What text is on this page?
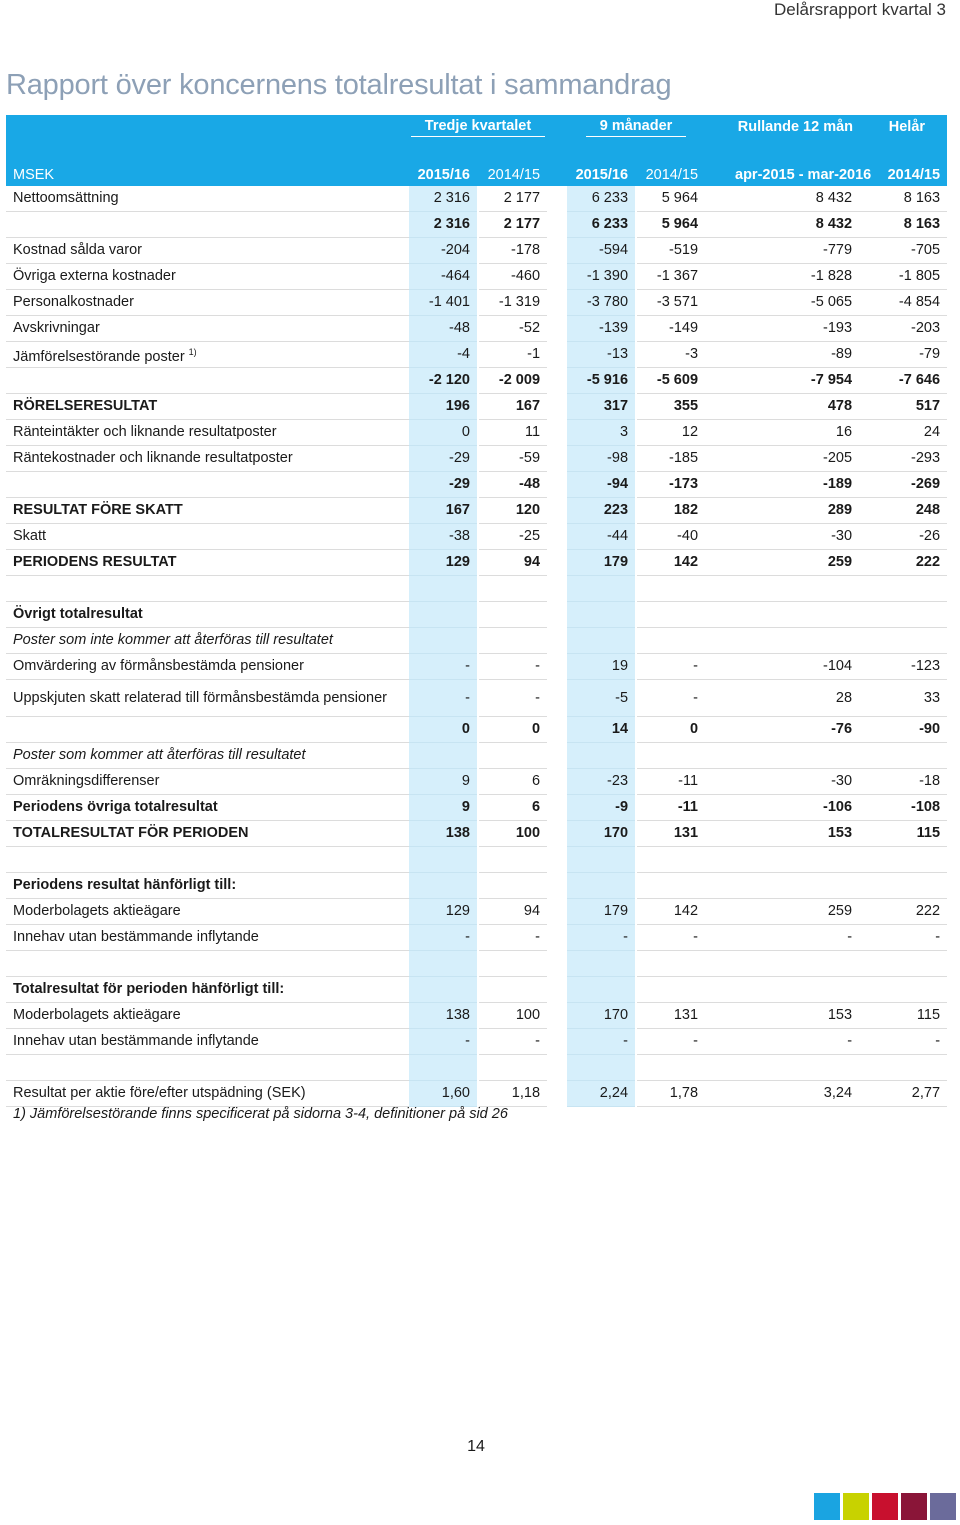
Delårsrapport kvartal 3
Rapport över koncernens totalresultat i sammandrag
	Tredje kvartalet				9 månader			Rullande 12 mån	Helår
MSEK	2015/16		2014/15		2015/16		2014/15	apr-2015 - mar-2016	2014/15
Nettoomsättning	2 316		2 177		6 233		5 964	8 432	8 163
	2 316		2 177		6 233		5 964	8 432	8 163
Kostnad sålda varor	-204		-178		-594		-519	-779	-705
Övriga externa kostnader	-464		-460		-1 390		-1 367	-1 828	-1 805
Personalkostnader	-1 401		-1 319		-3 780		-3 571	-5 065	-4 854
Avskrivningar	-48		-52		-139		-149	-193	-203
Jämförelsestörande poster $^{1)}$	-4		-1		-13		-3	-89	-79
	-2 120		-2 009		-5 916		-5 609	-7 954	-7 646
RÖRELSERESULTAT	196		167		317		355	478	517
Ränteintäkter och liknande resultatposter	0		11		3		12	16	24
Räntekostnader och liknande resultatposter	-29		-59		-98		-185	-205	-293
	-29		-48		-94		-173	-189	-269
RESULTAT FÖRE SKATT	167		120		223		182	289	248
Skatt	-38		-25		-44		-40	-30	-26
PERIODENS RESULTAT	129		94		179		142	259	222

Övrigt totalresultat									
Poster som inte kommer att återföras till resultatet									
Omvärdering av förmånsbestämda pensioner	-		-		19		-	-104	-123
Uppskjuten skatt relaterad till förmånsbestämda pensioner	-		-		-5		-	28	33
	0		0		14		0	-76	-90
Poster som kommer att återföras till resultatet									
Omräkningsdifferenser	9		6		-23		-11	-30	-18
Periodens övriga totalresultat	9		6		-9		-11	-106	-108
TOTALRESULTAT FÖR PERIODEN	138		100		170		131	153	115

Periodens resultat hänförligt till:									
Moderbolagets aktieägare	129		94		179		142	259	222
Innehav utan bestämmande inflytande	-		-		-		-	-	-

Totalresultat för perioden hänförligt till:									
Moderbolagets aktieägare	138		100		170		131	153	115
Innehav utan bestämmande inflytande	-		-		-		-	-	-

Resultat per aktie före/efter utspädning (SEK)	1,60		1,18		2,24		1,78	3,24	2,77
1) Jämförelsestörande finns specificerat på sidorna 3-4, definitioner på sid 26
14
